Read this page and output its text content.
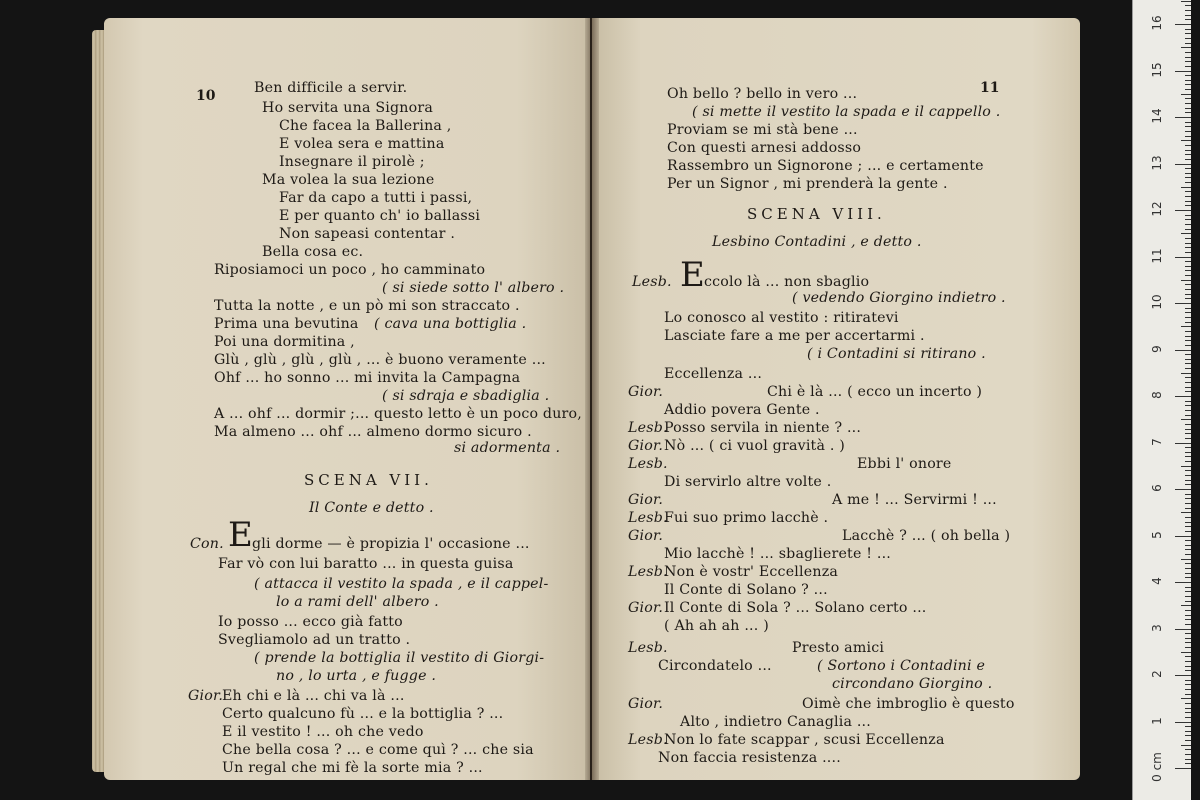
10	Ben difficile a servir.
Ho servita una Signora
Che facea la Ballerina ,
E volea sera e mattina
Insegnare il pirolè ;
Ma volea la sua lezione
Far da capo a tutti i passi,
E per quanto ch' io ballassi
Non sapeasi contentar .
Bella cosa ec.
Riposiamoci un poco , ho camminato
( si siede sotto l' albero .
Tutta la notte , e un pò mi son straccato .
Prima una bevutina ( cava una bottiglia .
Poi una dormitina ,
Glù , glù , glù , glù , ... è buono veramente ...
Ohf ... ho sonno ... mi invita la Campagna
( si sdraja e sbadiglia .
A ... ohf ... dormir ;... questo letto è un poco duro,
Ma almeno ... ohf ... almeno dormo sicuro .
si adormenta .
SCENA VII.
Il Conte e detto .
Con. E
gli dorme — è propizia l' occasione ...
Far vò con lui baratto ... in questa guisa
( attacca il vestito la spada , e il cappel-
lo a rami dell' albero .
Io posso ... ecco già fatto
Svegliamolo ad un tratto .
( prende la bottiglia il vestito di Giorgi-
no , lo urta , e fugge .
Gior.
Eh chi e là ... chi va là ...
Certo qualcuno fù ... e la bottiglia ? ...
E il vestito ! ... oh che vedo
Che bella cosa ? ... e come quì ? ... che sia
Un regal che mi fè la sorte mia ? ...
11
Oh bello ? bello in vero ...
( si mette il vestito la spada e il cappello .
Proviam se mi stà bene ...
Con questi arnesi addosso
Rassembro un Signorone ; ... e certamente
Per un Signor , mi prenderà la gente .
SCENA VIII.
Lesbino Contadini , e detto .
Lesb. E
ccolo là ... non sbaglio
( vedendo Giorgino indietro .
Lo conosco al vestito : ritiratevi
Lasciate fare a me per accertarmi .
( i Contadini si ritirano .
Eccellenza ...
Gior.	Chi è là ... ( ecco un incerto )
Addio povera Gente .
Lesb.
Posso servila in niente ? ...
Gior. Nò ... ( ci vuol gravità . )
Lesb.	Ebbi l' onore
Di servirlo altre volte .
Gior.	A me ! ... Servirmi ! ...
Lesb.
Fui suo primo lacchè .
Gior.	Lacchè ? ... ( oh bella )
Mio lacchè ! ... sbaglierete ! ...
Lesb.
Non è vostr' Eccellenza
Il Conte di Solano ? ...
Gior. Il Conte di Sola ? ... Solano certo ...
( Ah ah ah ... )
Lesb.	Presto amici
Circondatelo ...	( Sortono i Contadini e
circondano Giorgino .
Gior.	Oimè che imbroglio è questo
Alto , indietro Canaglia ...
Lesb.
Non lo fate scappar , scusi Eccellenza
Non faccia resistenza ....
16
15
14
13
12
11
10
9
8
7
6
5
4
3
2
1
0 cm
